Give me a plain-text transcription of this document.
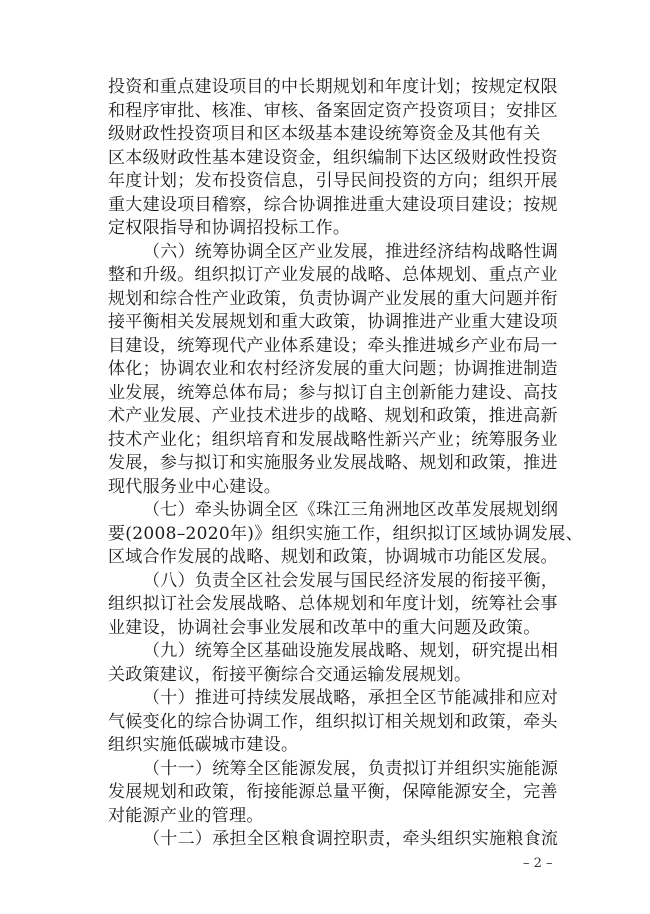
投资和重点建设项目的中长期规划和年度计划；按规定权限

和程序审批、核准、审核、备案固定资产投资项目；安排区

级财政性投资项目和区本级基本建设统筹资金及其他有关

区本级财政性基本建设资金，组织编制下达区级财政性投资

年度计划；发布投资信息，引导民间投资的方向；组织开展

重大建设项目稽察，综合协调推进重大建设项目建设；按规

定权限指导和协调招投标工作。

（六）统筹协调全区产业发展，推进经济结构战略性调

整和升级。组织拟订产业发展的战略、总体规划、重点产业

规划和综合性产业政策，负责协调产业发展的重大问题并衔

接平衡相关发展规划和重大政策，协调推进产业重大建设项

目建设，统筹现代产业体系建设；牵头推进城乡产业布局一

体化；协调农业和农村经济发展的重大问题；协调推进制造

业发展，统筹总体布局；参与拟订自主创新能力建设、高技

术产业发展、产业技术进步的战略、规划和政策，推进高新

技术产业化；组织培育和发展战略性新兴产业；统筹服务业

发展，参与拟订和实施服务业发展战略、规划和政策，推进

现代服务业中心建设。

（七）牵头协调全区《珠江三角洲地区改革发展规划纲

要(2008–2020年)》组织实施工作，组织拟订区域协调发展、

区域合作发展的战略、规划和政策，协调城市功能区发展。

（八）负责全区社会发展与国民经济发展的衔接平衡，

组织拟订社会发展战略、总体规划和年度计划，统筹社会事

业建设，协调社会事业发展和改革中的重大问题及政策。

（九）统筹全区基础设施发展战略、规划，研究提出相

关政策建议，衔接平衡综合交通运输发展规划。

（十）推进可持续发展战略，承担全区节能减排和应对

气候变化的综合协调工作，组织拟订相关规划和政策，牵头

组织实施低碳城市建设。

（十一）统筹全区能源发展，负责拟订并组织实施能源

发展规划和政策，衔接能源总量平衡，保障能源安全，完善

对能源产业的管理。

（十二）承担全区粮食调控职责，牵头组织实施粮食流

– 2 –
